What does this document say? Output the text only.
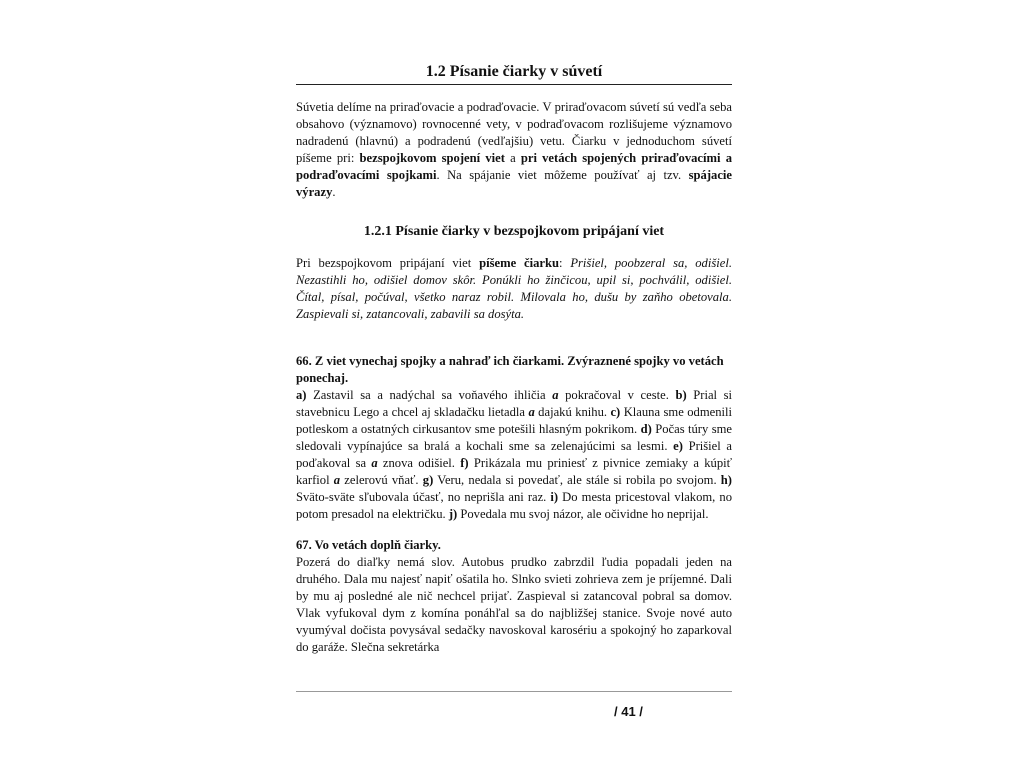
1.2 Písanie čiarky v súvetí

Súvetia delíme na priraďovacie a podraďovacie. V priraďovacom súvetí sú vedľa seba obsahovo (významovo) rovnocenné vety, v podraďovacom rozlišujeme významovo nadradenú (hlavnú) a podradenú (vedľajšiu) vetu. Čiarku v jednoduchom súvetí píšeme pri: bezspojkovom spojení viet a pri vetách spojených priraďovacími a podraďovacími spojkami. Na spájanie viet môžeme používať aj tzv. spájacie výrazy.

1.2.1 Písanie čiarky v bezspojkovom pripájaní viet

Pri bezspojkovom pripájaní viet píšeme čiarku: Prišiel, poobzeral sa, odišiel. Nezastihli ho, odišiel domov skôr. Ponúkli ho žinčicou, upil si, pochválil, odišiel. Čítal, písal, počúval, všetko naraz robil. Milovala ho, dušu by zaňho obetovala. Zaspievali si, zatancovali, zabavili sa dosýta.

66. Z viet vynechaj spojky a nahraď ich čiarkami. Zvýraznené spojky vo vetách ponechaj.

a) Zastavil sa a nadýchal sa voňavého ihličia a pokračoval v ceste. b) Prial si stavebnicu Lego a chcel aj skladačku lietadla a dajakú knihu. c) Klauna sme odmenili potleskom a ostatných cirkusantov sme potešili hlasným pokrikom. d) Počas túry sme sledovali vypínajúce sa bralá a kochali sme sa zelenajúcimi sa lesmi. e) Prišiel a poďakoval sa a znova odišiel. f) Prikázala mu priniesť z pivnice zemiaky a kúpiť karfiol a zelerovú vňať. g) Veru, nedala si povedať, ale stále si robila po svojom. h) Sväto-sväte sľubovala účasť, no neprišla ani raz. i) Do mesta pricestoval vlakom, no potom presadol na električku. j) Povedala mu svoj názor, ale očividne ho neprijal.

67. Vo vetách doplň čiarky.

Pozerá do diaľky nemá slov. Autobus prudko zabrzdil ľudia popadali jeden na druhého. Dala mu najesť napiť ošatila ho. Slnko svieti zohrieva zem je príjemné. Dali by mu aj posledné ale nič nechcel prijať. Zaspieval si zatancoval pobral sa domov. Vlak vyfukoval dym z komína ponáhľal sa do najbližšej stanice. Svoje nové auto vyumýval dočista povysával sedačky navoskoval karosériu a spokojný ho zaparkoval do garáže. Slečna sekretárka

/ 41 /
